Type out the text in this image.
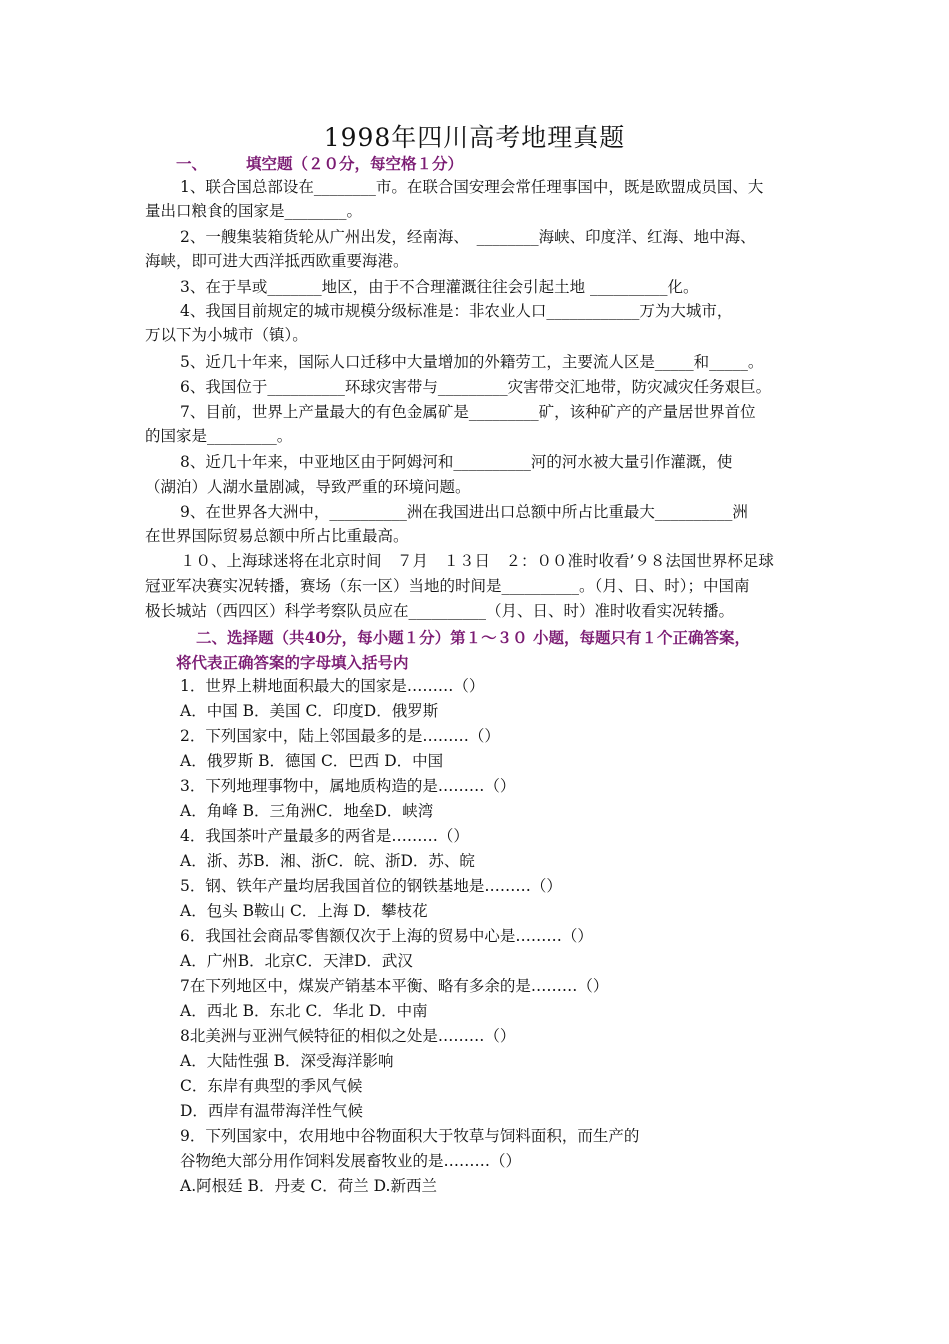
1998年四川高考地理真题
一、	填空题（２０分，每空格１分）
1、联合国总部设在________市。在联合国安理会常任理事国中，既是欧盟成员国、大
量出口粮食的国家是________。
2、一艘集装箱货轮从广州出发，经南海、　________海峡、印度洋、红海、地中海、
海峡，即可进大西洋抵西欧重要海港。
3、在于旱或_______地区，由于不合理灌溉往往会引起土地 __________化。
4、我国目前规定的城市规模分级标准是：非农业人口____________万为大城市，
万以下为小城市（镇）。
5、近几十年来，国际人口迁移中大量增加的外籍劳工，主要流人区是_____和_____。
6、我国位于__________环球灾害带与_________灾害带交汇地带，防灾减灾任务艰巨。
7、目前，世界上产量最大的有色金属矿是_________矿，该种矿产的产量居世界首位
的国家是_________。
8、近几十年来，中亚地区由于阿姆河和__________河的河水被大量引作灌溉，使
（湖泊）人湖水量剧减，导致严重的环境问题。
9、在世界各大洲中，__________洲在我国进出口总额中所占比重最大__________洲
在世界国际贸易总额中所占比重最高。
１０、上海球迷将在北京时间　７月　１３日　２：００准时收看’９８法国世界杯足球
冠亚军决赛实况转播，赛场（东一区）当地的时间是__________。（月、日、时）；中国南
极长城站（西四区）科学考察队员应在__________（月、日、时）准时收看实况转播。
二、选择题（共40分，每小题１分）第１～３０ 小题，每题只有１个正确答案，
将代表正确答案的字母填入括号内
1．世界上耕地面积最大的国家是………（）
A．中国 B．美国 C．印度D．俄罗斯
2．下列国家中，陆上邻国最多的是………（）
A．俄罗斯 B．德国 C．巴西 D．中国
3．下列地理事物中，属地质构造的是………（）
A．角峰 B．三角洲C．地垒D．峡湾
4．我国茶叶产量最多的两省是………（）
A．浙、苏B．湘、浙C．皖、浙D．苏、皖
5．钢、铁年产量均居我国首位的钢铁基地是………（）
A．包头 B鞍山 C．上海 D．攀枝花
6．我国社会商品零售额仅次于上海的贸易中心是………（）
A．广州B．北京C．天津D．武汉
7在下列地区中，煤炭产销基本平衡、略有多余的是………（）
A．西北 B．东北 C．华北 D．中南
8北美洲与亚洲气候特征的相似之处是………（）
A．大陆性强 B．深受海洋影响
C．东岸有典型的季风气候
D．西岸有温带海洋性气候
9．下列国家中，农用地中谷物面积大于牧草与饲料面积，而生产的
谷物绝大部分用作饲料发展畜牧业的是………（）
A.阿根廷 B．丹麦 C．荷兰 D.新西兰
